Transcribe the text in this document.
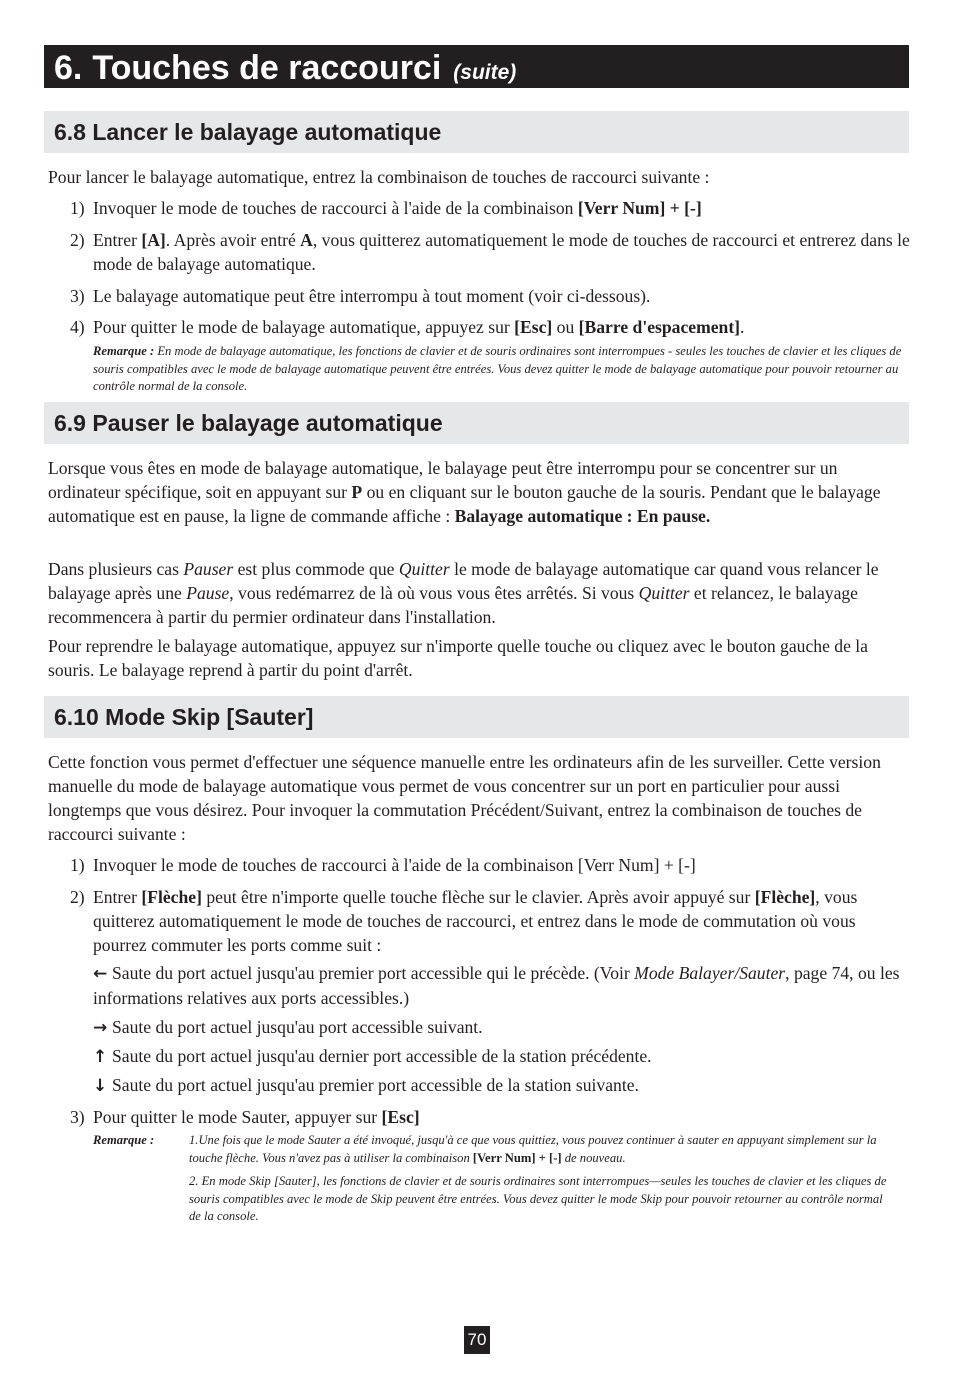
6. Touches de raccourci (suite)
6.8 Lancer le balayage automatique

Pour lancer le balayage automatique, entrez la combinaison de touches de raccourci suivante :

1) Invoquer le mode de touches de raccourci à l'aide de la combinaison [Verr Num] + [-]
2) Entrer [A]. Après avoir entré A, vous quitterez automatiquement le mode de touches de raccourci et entrerez dans le mode de balayage automatique.
3) Le balayage automatique peut être interrompu à tout moment (voir ci-dessous).
4) Pour quitter le mode de balayage automatique, appuyez sur [Esc] ou [Barre d'espacement].
Remarque : En mode de balayage automatique, les fonctions de clavier et de souris ordinaires sont interrompues - seules les touches de clavier et les cliques de souris compatibles avec le mode de balayage automatique peuvent être entrées. Vous devez quitter le mode de balayage automatique pour pouvoir retourner au contrôle normal de la console.
6.9 Pauser le balayage automatique

Lorsque vous êtes en mode de balayage automatique, le balayage peut être interrompu pour se concentrer sur un ordinateur spécifique, soit en appuyant sur P ou en cliquant sur le bouton gauche de la souris. Pendant que le balayage automatique est en pause, la ligne de commande affiche : Balayage automatique : En pause.

Dans plusieurs cas Pauser est plus commode que Quitter le mode de balayage automatique car quand vous relancer le balayage après une Pause, vous redémarrez de là où vous vous êtes arrêtés. Si vous Quitter et relancez, le balayage recommencera à partir du permier ordinateur dans l'installation.

Pour reprendre le balayage automatique, appuyez sur n'importe quelle touche ou cliquez avec le bouton gauche de la souris. Le balayage reprend à partir du point d'arrêt.

6.10 Mode Skip [Sauter]

Cette fonction vous permet d'effectuer une séquence manuelle entre les ordinateurs afin de les surveiller. Cette version manuelle du mode de balayage automatique vous permet de vous concentrer sur un port en particulier pour aussi longtemps que vous désirez. Pour invoquer la commutation Précédent/Suivant, entrez la combinaison de touches de raccourci suivante :

1) Invoquer le mode de touches de raccourci à l'aide de la combinaison [Verr Num] + [-]
2) Entrer [Flèche] peut être n'importe quelle touche flèche sur le clavier. Après avoir appuyé sur [Flèche], vous quitterez automatiquement le mode de touches de raccourci, et entrez dans le mode de commutation où vous pourrez commuter les ports comme suit :
← Saute du port actuel jusqu'au premier port accessible qui le précède. (Voir Mode Balayer/Sauter, page 74, ou les informations relatives aux ports accessibles.)
→ Saute du port actuel jusqu'au port accessible suivant.
↑ Saute du port actuel jusqu'au dernier port accessible de la station précédente.
↓ Saute du port actuel jusqu'au premier port accessible de la station suivante.
3) Pour quitter le mode Sauter, appuyer sur [Esc]
Remarque :	1.Une fois que le mode Sauter a été invoqué, jusqu'à ce que vous quittiez, vous pouvez continuer à sauter en appuyant simplement sur la touche flèche. Vous n'avez pas à utiliser la combinaison [Verr Num] + [-] de nouveau.
2. En mode Skip [Sauter], les fonctions de clavier et de souris ordinaires sont interrompues—seules les touches de clavier et les cliques de souris compatibles avec le mode de Skip peuvent être entrées. Vous devez quitter le mode Skip pour pouvoir retourner au contrôle normal de la console.
70
